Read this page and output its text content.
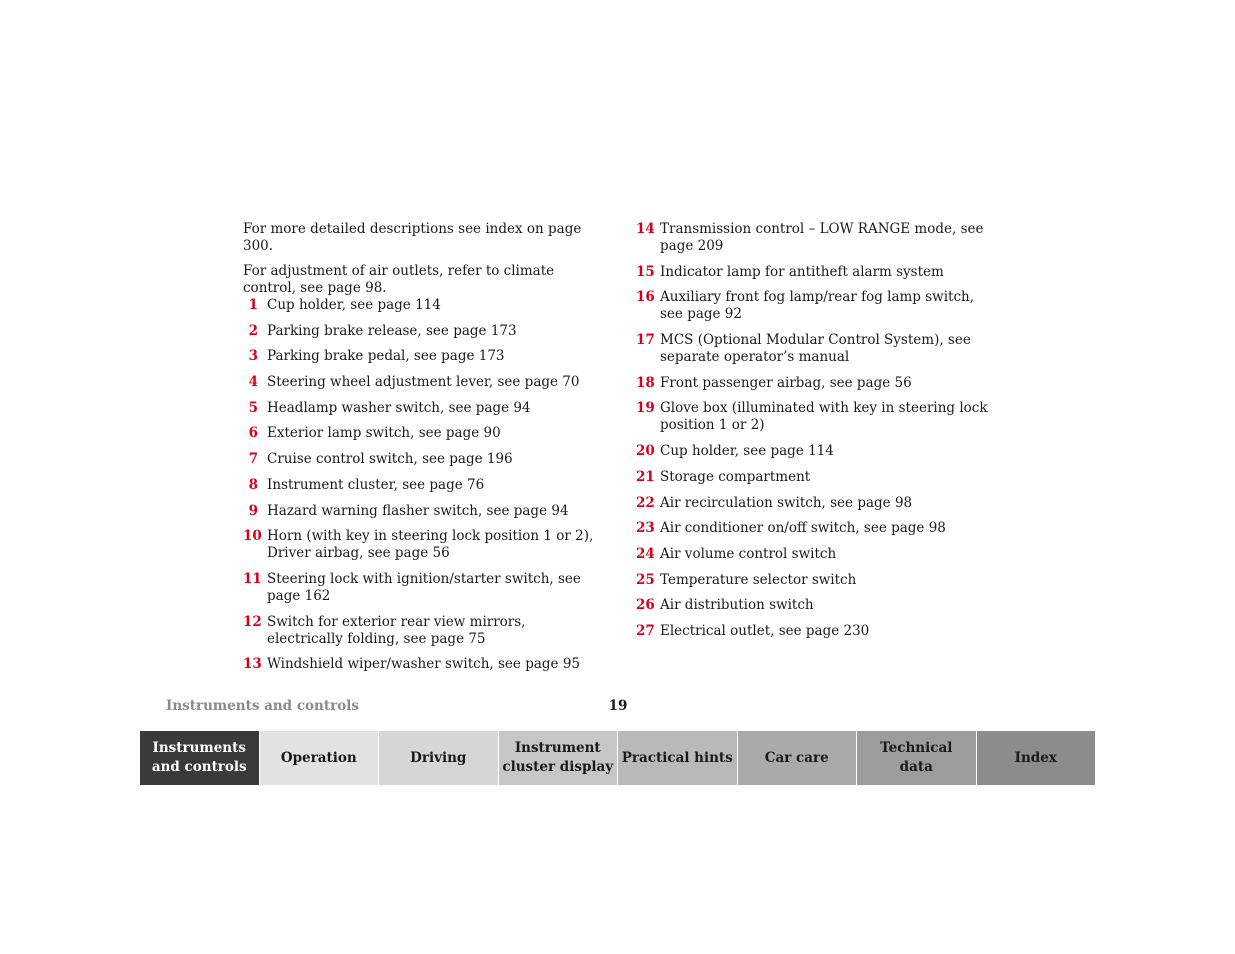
For more detailed descriptions see index on page 300.

For adjustment of air outlets, refer to climate control, see page 98.

1 Cup holder, see page 114
2 Parking brake release, see page 173
3 Parking brake pedal, see page 173
4 Steering wheel adjustment lever, see page 70
5 Headlamp washer switch, see page 94
6 Exterior lamp switch, see page 90
7 Cruise control switch, see page 196
8 Instrument cluster, see page 76
9 Hazard warning flasher switch, see page 94
10 Horn (with key in steering lock position 1 or 2), Driver airbag, see page 56
11 Steering lock with ignition/starter switch, see page 162
12 Switch for exterior rear view mirrors, electrically folding, see page 75
13 Windshield wiper/washer switch, see page 95
14 Transmission control – LOW RANGE mode, see page 209
15 Indicator lamp for antitheft alarm system
16 Auxiliary front fog lamp/rear fog lamp switch, see page 92
17 MCS (Optional Modular Control System), see separate operator’s manual
18 Front passenger airbag, see page 56
19 Glove box (illuminated with key in steering lock position 1 or 2)
20 Cup holder, see page 114
21 Storage compartment
22 Air recirculation switch, see page 98
23 Air conditioner on/off switch, see page 98
24 Air volume control switch
25 Temperature selector switch
26 Air distribution switch
27 Electrical outlet, see page 230
Instruments and controls	19
Instruments
and controls
Operation	Driving
Instrument
cluster display
Practical hints	Car care
Technical
data
Index
